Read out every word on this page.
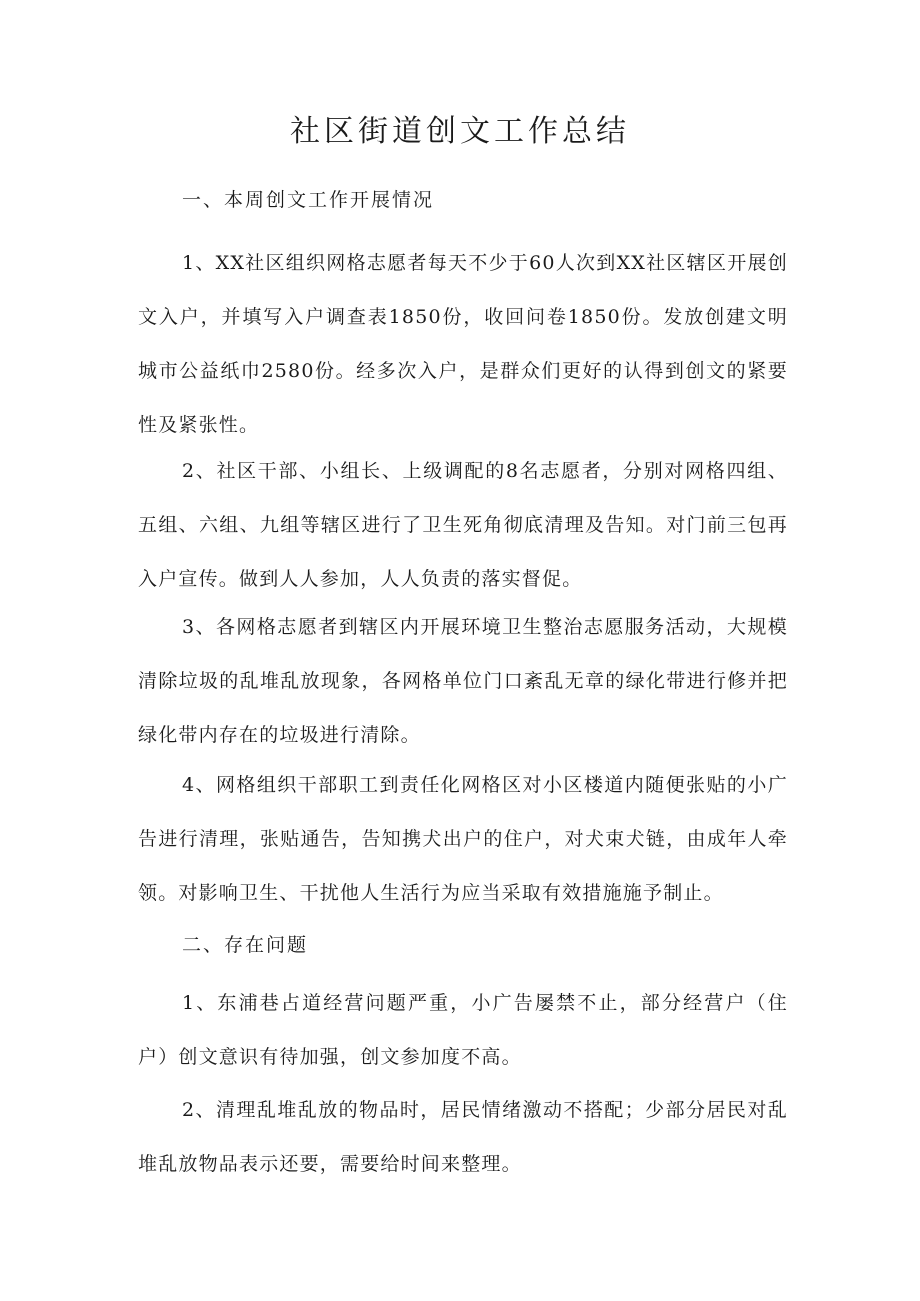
社区街道创文工作总结

一、本周创文工作开展情况

1、XX社区组织网格志愿者每天不少于60人次到XX社区辖区开展创文入户，并填写入户调查表1850份，收回问卷1850份。发放创建文明城市公益纸巾2580份。经多次入户，是群众们更好的认得到创文的紧要性及紧张性。

2、社区干部、小组长、上级调配的8名志愿者，分别对网格四组、五组、六组、九组等辖区进行了卫生死角彻底清理及告知。对门前三包再入户宣传。做到人人参加，人人负责的落实督促。

3、各网格志愿者到辖区内开展环境卫生整治志愿服务活动，大规模清除垃圾的乱堆乱放现象，各网格单位门口紊乱无章的绿化带进行修并把绿化带内存在的垃圾进行清除。

4、网格组织干部职工到责任化网格区对小区楼道内随便张贴的小广告进行清理，张贴通告，告知携犬出户的住户，对犬束犬链，由成年人牵领。对影响卫生、干扰他人生活行为应当采取有效措施施予制止。

二、存在问题

1、东浦巷占道经营问题严重，小广告屡禁不止，部分经营户（住户）创文意识有待加强，创文参加度不高。

2、清理乱堆乱放的物品时，居民情绪激动不搭配；少部分居民对乱堆乱放物品表示还要，需要给时间来整理。
